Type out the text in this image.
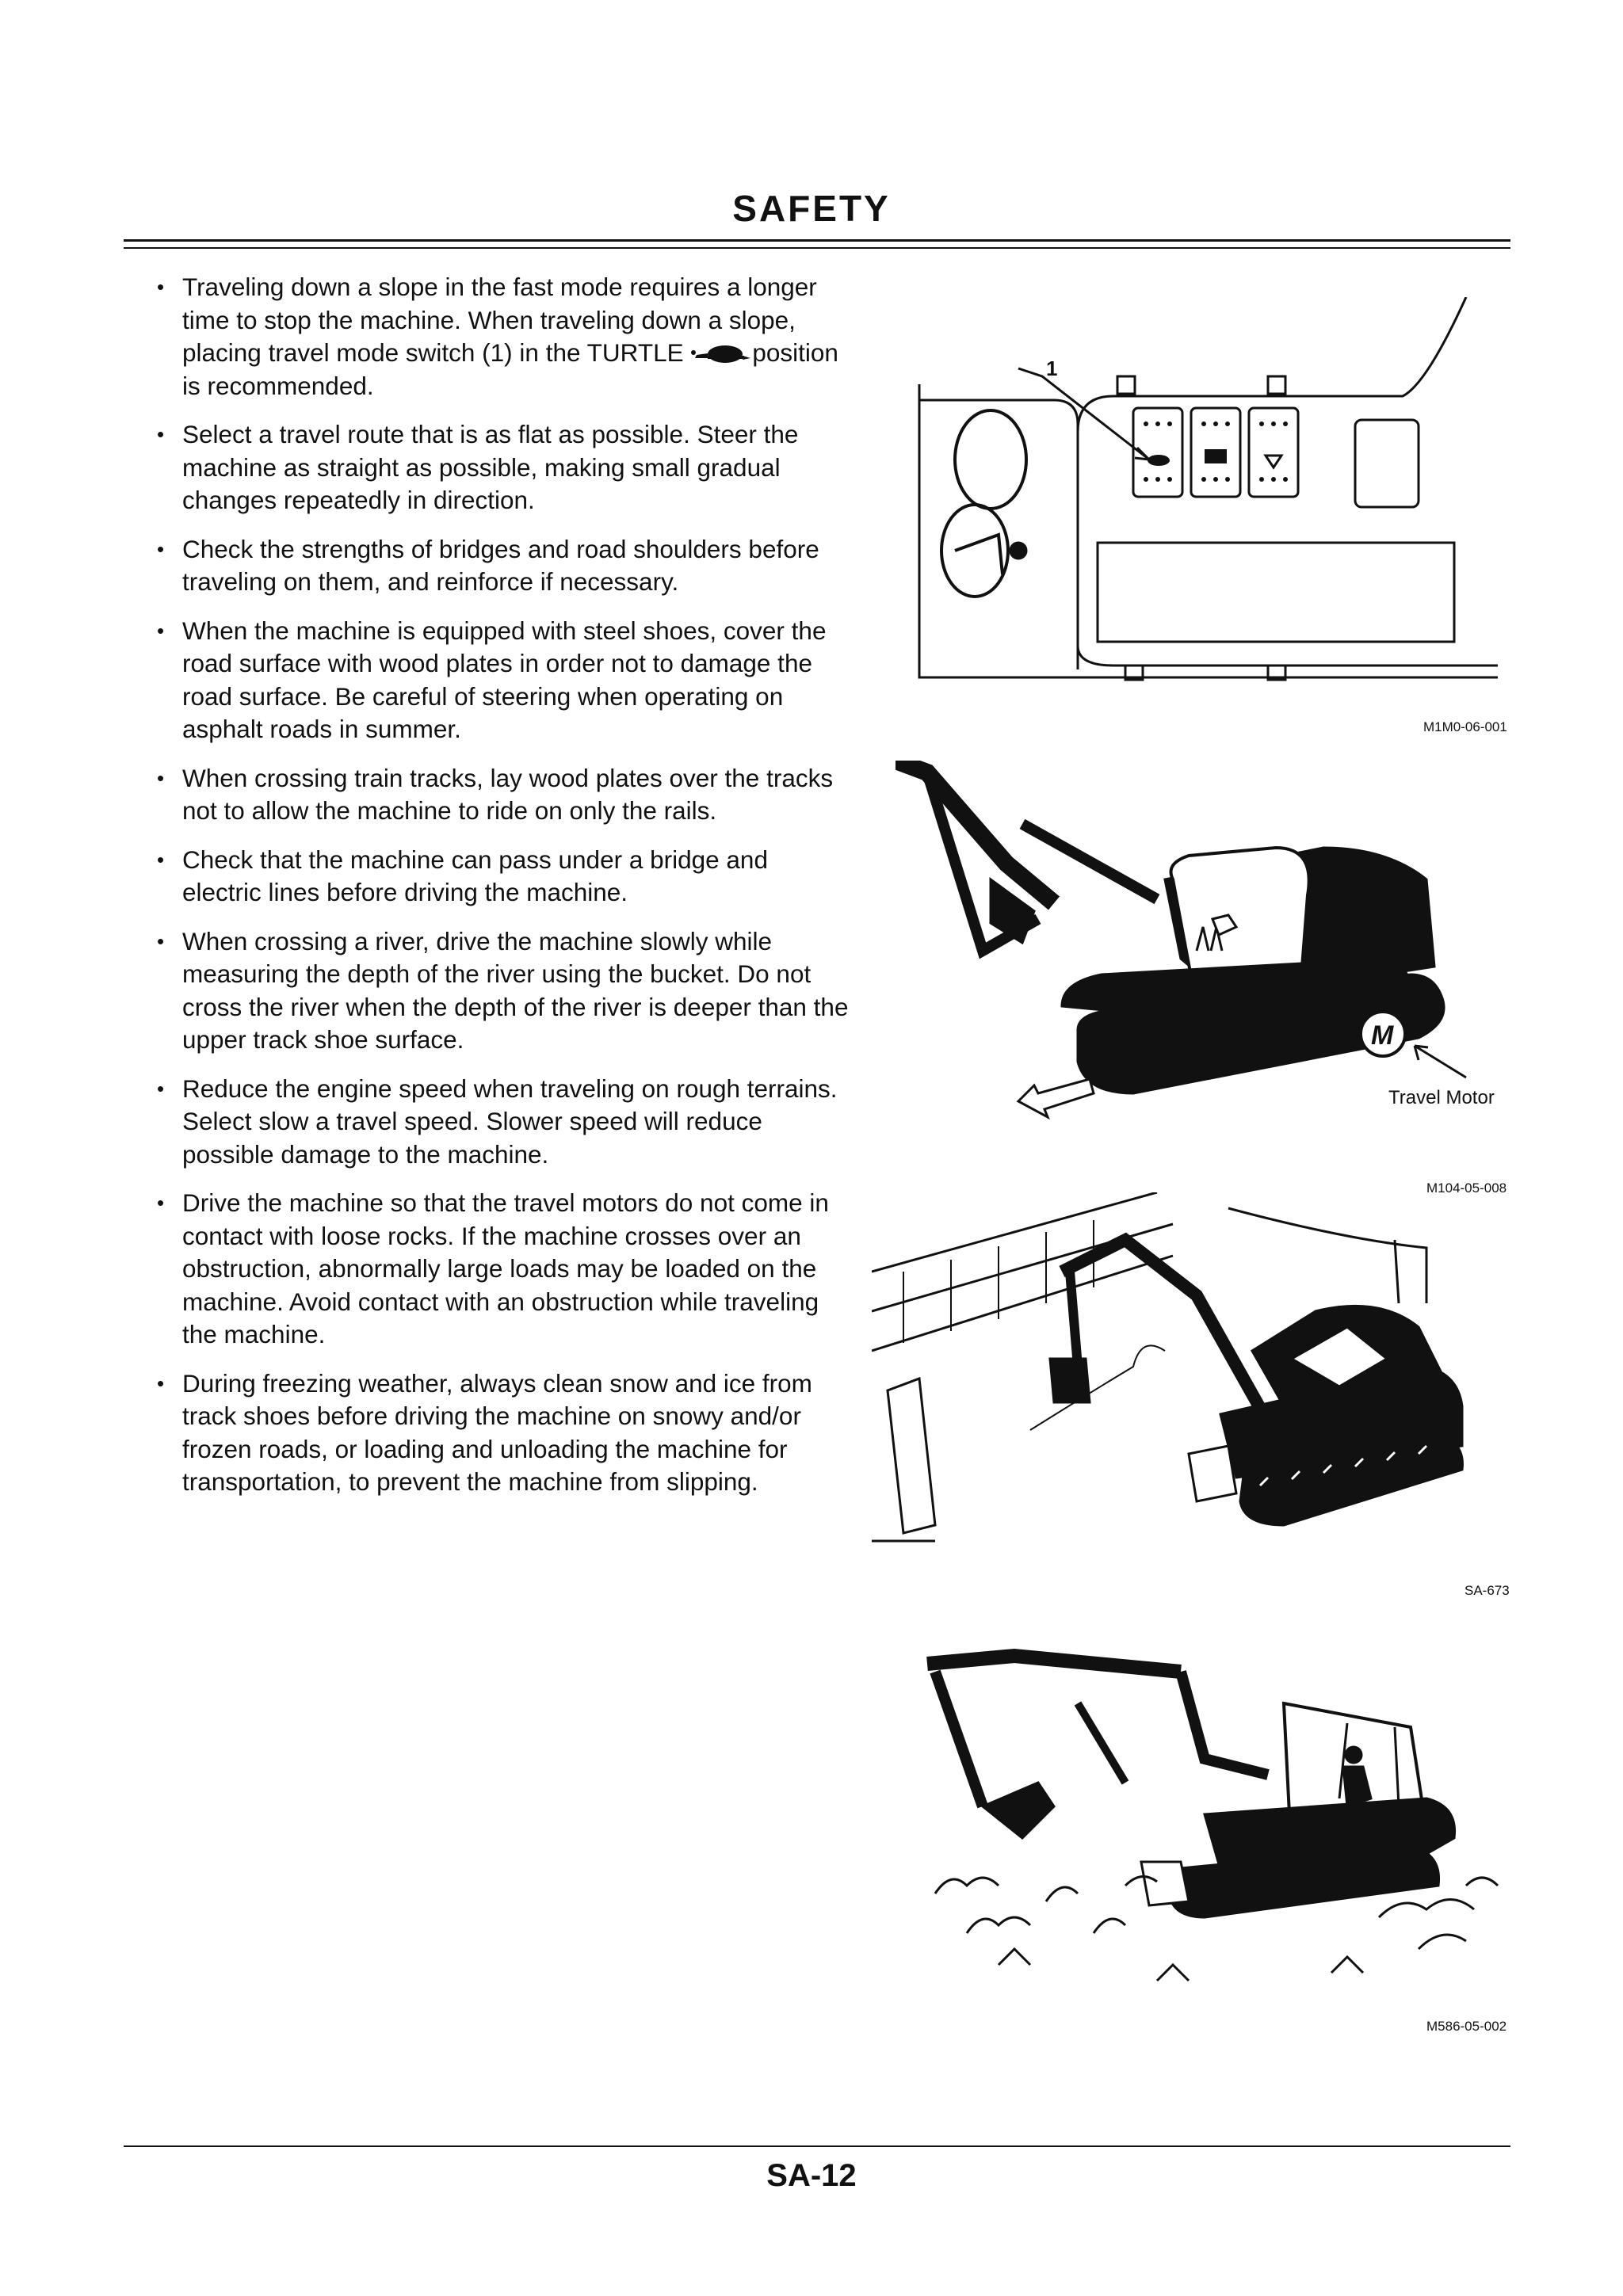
SAFETY
• Traveling down a slope in the fast mode requires a longer time to stop the machine. When traveling down a slope, placing travel mode switch (1) in the TURTLE position is recommended.
• Select a travel route that is as flat as possible. Steer the machine as straight as possible, making small gradual changes repeatedly in direction.
• Check the strengths of bridges and road shoulders before traveling on them, and reinforce if necessary.
• When the machine is equipped with steel shoes, cover the road surface with wood plates in order not to damage the road surface. Be careful of steering when operating on asphalt roads in summer.
• When crossing train tracks, lay wood plates over the tracks not to allow the machine to ride on only the rails.
• Check that the machine can pass under a bridge and electric lines before driving the machine.
• When crossing a river, drive the machine slowly while measuring the depth of the river using the bucket. Do not cross the river when the depth of the river is deeper than the upper track shoe surface.
• Reduce the engine speed when traveling on rough terrains. Select slow a travel speed. Slower speed will reduce possible damage to the machine.
• Drive the machine so that the travel motors do not come in contact with loose rocks. If the machine crosses over an obstruction, abnormally large loads may be loaded on the machine. Avoid contact with an obstruction while traveling the machine.
• During freezing weather, always clean snow and ice from track shoes before driving the machine on snowy and/or frozen roads, or loading and unloading the machine for transportation, to prevent the machine from slipping.
1
M1M0-06-001
M
Travel Motor
M104-05-008
SA-673
M586-05-002
SA-12
